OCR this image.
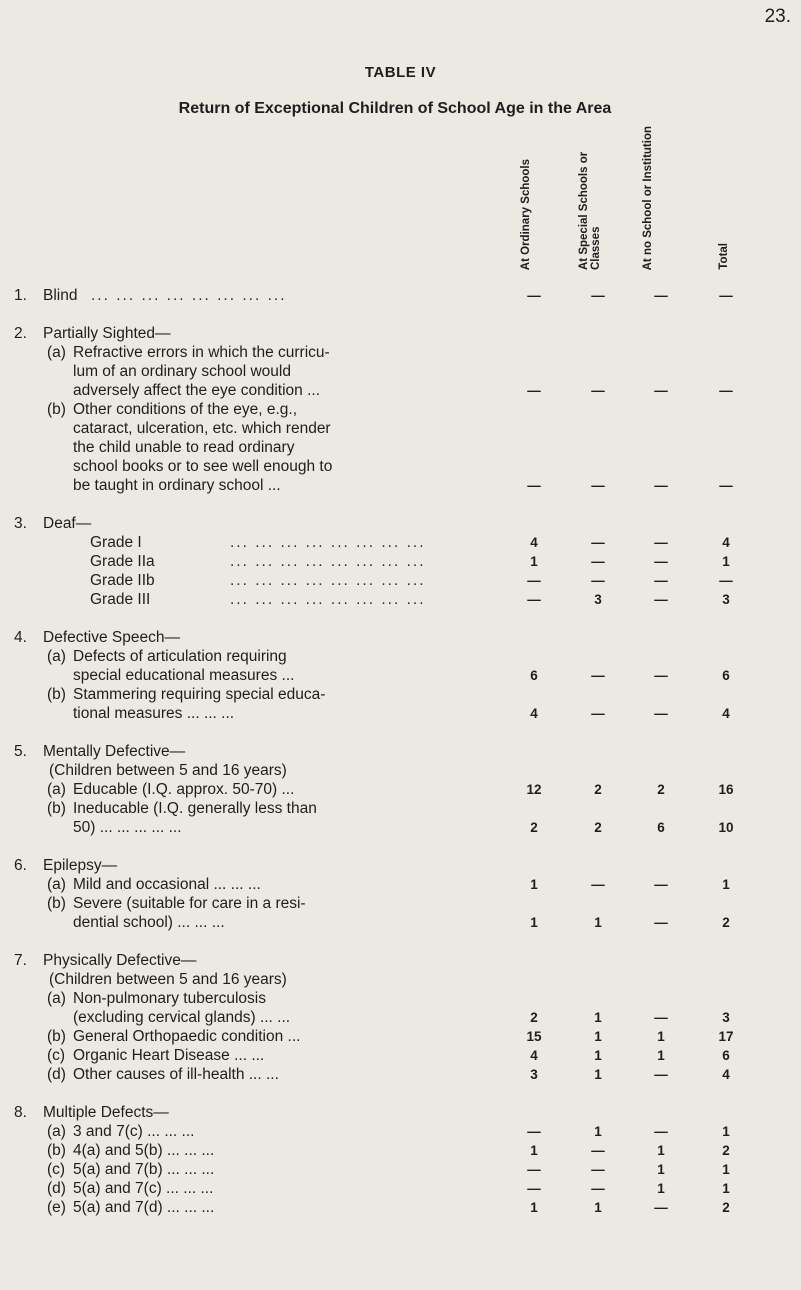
23.
TABLE IV
Return of Exceptional Children of School Age in the Area
At Ordinary Schools	At Special Schools or Classes	At no School or Institution	Total
1.	Blind ... ... ... ... ... ... ... ...	—	—	—	—
2.	Partially Sighted—
(a) Refractive errors in which the curricu-
lum of an ordinary school would
adversely affect the eye condition ...	—	—	—	—
(b) Other conditions of the eye, e.g.,
cataract, ulceration, etc. which render
the child unable to read ordinary
school books or to see well enough to
be taught in ordinary school ...	—	—	—	—
3.	Deaf—
Grade I	... ... ... ... ... ... ... ...	4	—	—	4
Grade IIa	... ... ... ... ... ... ... ...	1	—	—	1
Grade IIb	... ... ... ... ... ... ... ...	—	—	—	—
Grade III	... ... ... ... ... ... ... ...	—	3	—	3
4.	Defective Speech—
(a) Defects of articulation requiring
special educational measures ...	6	—	—	6
(b) Stammering requiring special educa-
tional measures ... ... ...	4	—	—	4
5.	Mentally Defective—
(Children between 5 and 16 years)
(a) Educable (I.Q. approx. 50-70) ...	12	2	2	16
(b) Ineducable (I.Q. generally less than
50) ... ... ... ... ...	2	2	6	10
6.	Epilepsy—
(a) Mild and occasional ... ... ...	1	—	—	1
(b) Severe (suitable for care in a resi-
dential school) ... ... ...	1	1	—	2
7.	Physically Defective—
(Children between 5 and 16 years)
(a) Non-pulmonary tuberculosis
(excluding cervical glands) ... ...	2	1	—	3
(b) General Orthopaedic condition ...	15	1	1	17
(c) Organic Heart Disease ... ...	4	1	1	6
(d) Other causes of ill-health ... ...	3	1	—	4
8.	Multiple Defects—
(a) 3 and 7(c) ... ... ...	—	1	—	1
(b) 4(a) and 5(b) ... ... ...	1	—	1	2
(c) 5(a) and 7(b) ... ... ...	—	—	1	1
(d) 5(a) and 7(c) ... ... ...	—	—	1	1
(e) 5(a) and 7(d) ... ... ...	1	1	—	2
